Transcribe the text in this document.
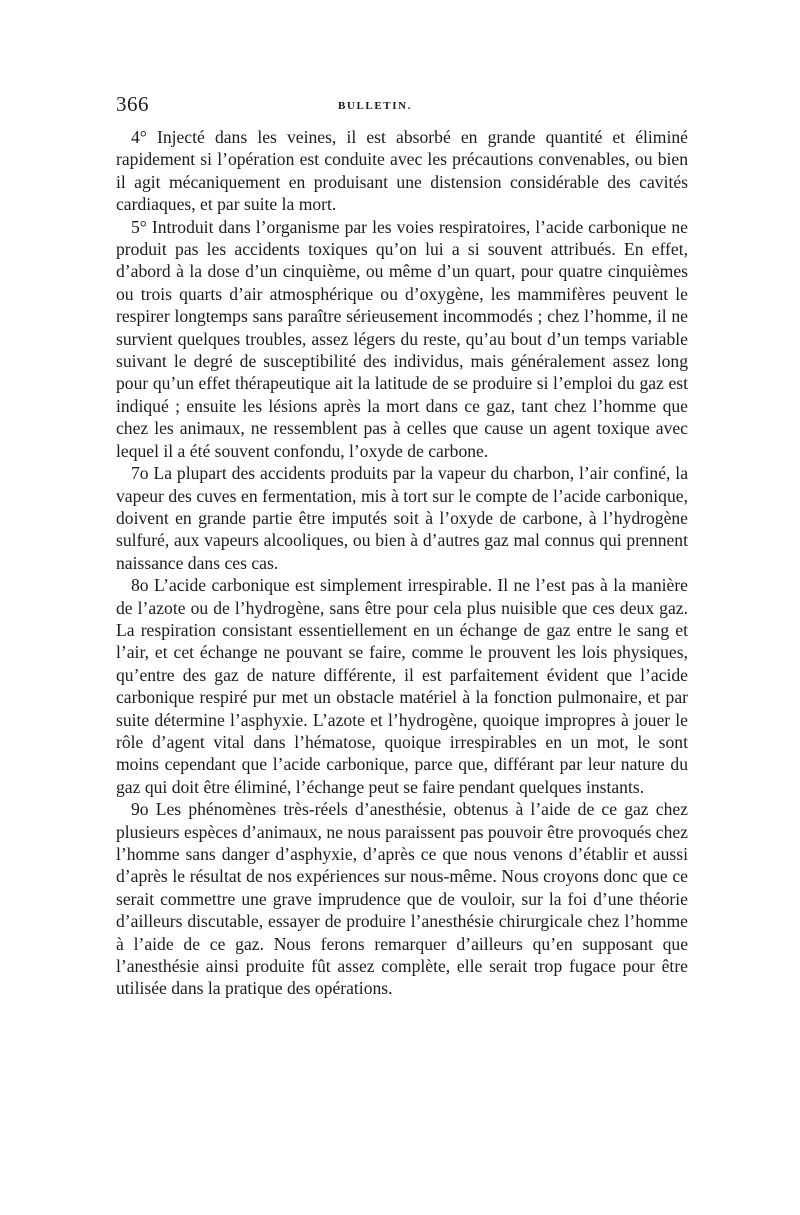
366	BULLETIN.

4° Injecté dans les veines, il est absorbé en grande quantité et éliminé rapidement si l’opération est conduite avec les précautions convenables, ou bien il agit mécaniquement en produisant une distension considérable des cavités cardiaques, et par suite la mort.

5° Introduit dans l’organisme par les voies respiratoires, l’acide carbonique ne produit pas les accidents toxiques qu’on lui a si souvent attribués. En effet, d’abord à la dose d’un cinquième, ou même d’un quart, pour quatre cinquièmes ou trois quarts d’air atmosphérique ou d’oxygène, les mammifères peuvent le respirer longtemps sans paraître sérieusement incommodés ; chez l’homme, il ne survient quelques troubles, assez légers du reste, qu’au bout d’un temps variable suivant le degré de susceptibilité des individus, mais généralement assez long pour qu’un effet thérapeutique ait la latitude de se produire si l’emploi du gaz est indiqué ; ensuite les lésions après la mort dans ce gaz, tant chez l’homme que chez les animaux, ne ressemblent pas à celles que cause un agent toxique avec lequel il a été souvent confondu, l’oxyde de carbone.

7o La plupart des accidents produits par la vapeur du charbon, l’air confiné, la vapeur des cuves en fermentation, mis à tort sur le compte de l’acide carbonique, doivent en grande partie être imputés soit à l’oxyde de carbone, à l’hydrogène sulfuré, aux vapeurs alcooliques, ou bien à d’autres gaz mal connus qui prennent naissance dans ces cas.

8o L’acide carbonique est simplement irrespirable. Il ne l’est pas à la manière de l’azote ou de l’hydrogène, sans être pour cela plus nuisible que ces deux gaz. La respiration consistant essentiellement en un échange de gaz entre le sang et l’air, et cet échange ne pouvant se faire, comme le prouvent les lois physiques, qu’entre des gaz de nature différente, il est parfaitement évident que l’acide carbonique respiré pur met un obstacle matériel à la fonction pulmonaire, et par suite détermine l’asphyxie. L’azote et l’hydrogène, quoique impropres à jouer le rôle d’agent vital dans l’hématose, quoique irrespirables en un mot, le sont moins cependant que l’acide carbonique, parce que, différant par leur nature du gaz qui doit être éliminé, l’échange peut se faire pendant quelques instants.

9o Les phénomènes très-réels d’anesthésie, obtenus à l’aide de ce gaz chez plusieurs espèces d’animaux, ne nous paraissent pas pouvoir être provoqués chez l’homme sans danger d’asphyxie, d’après ce que nous venons d’établir et aussi d’après le résultat de nos expériences sur nous-même. Nous croyons donc que ce serait commettre une grave imprudence que de vouloir, sur la foi d’une théorie d’ailleurs discutable, essayer de produire l’anesthésie chirurgicale chez l’homme à l’aide de ce gaz. Nous ferons remarquer d’ailleurs qu’en supposant que l’anesthésie ainsi produite fût assez complète, elle serait trop fugace pour être utilisée dans la pratique des opérations.
